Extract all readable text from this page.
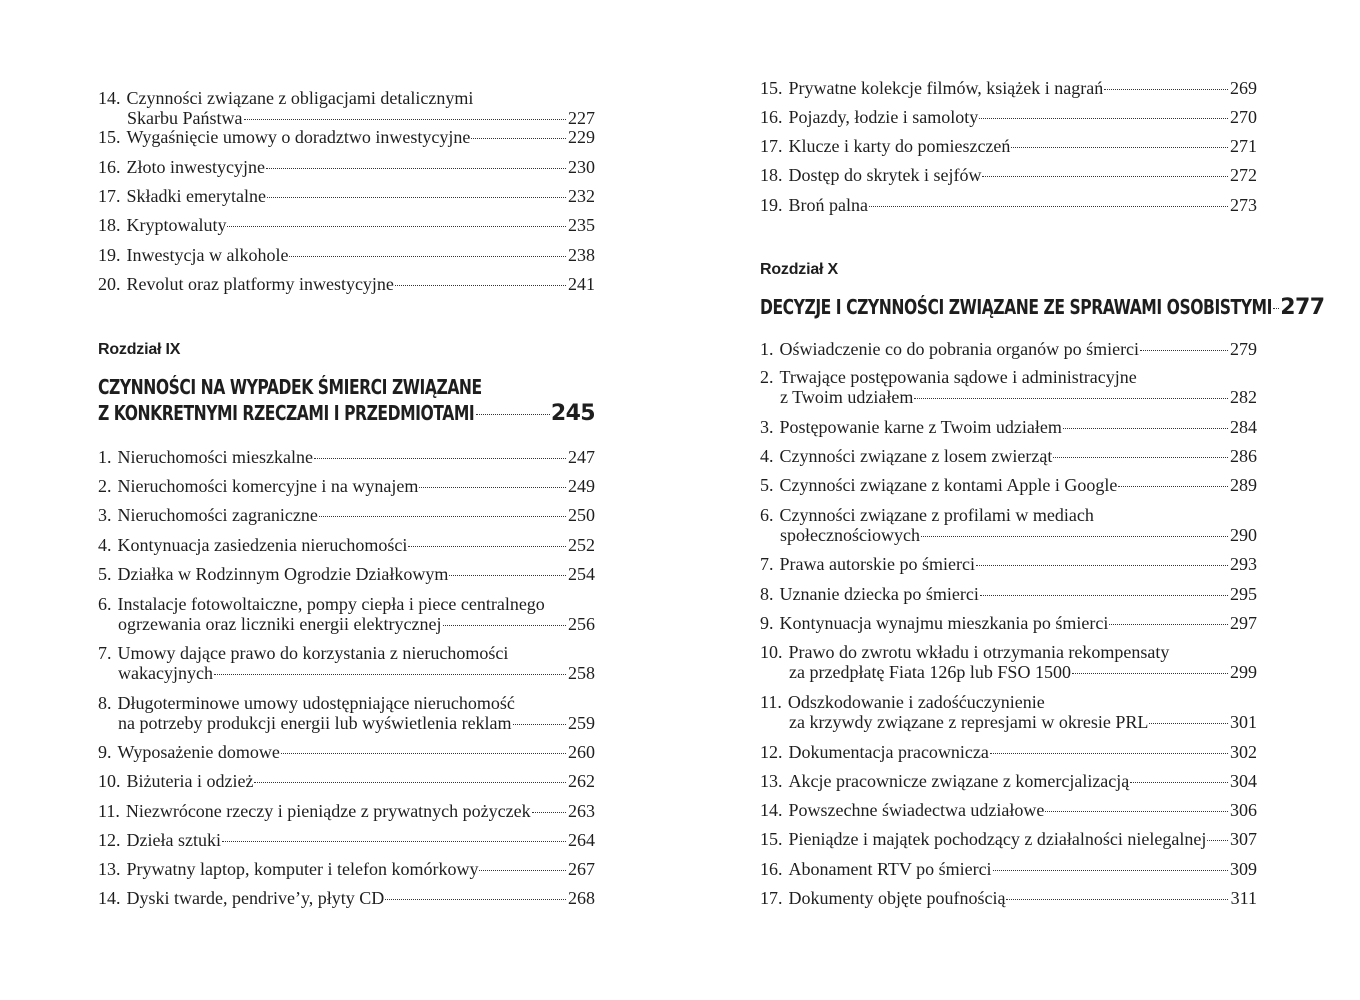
14. Czynności związane z obligacjami detalicznymi
Skarbu Państwa	227
15. Wygaśnięcie umowy o doradztwo inwestycyjne	229
16. Złoto inwestycyjne	230
17. Składki emerytalne	232
18. Kryptowaluty	235
19. Inwestycja w alkohole	238
20. Revolut oraz platformy inwestycyjne	241
Rozdział IX
CZYNNOŚCI NA WYPADEK ŚMIERCI ZWIĄZANE
Z KONKRETNYMI RZECZAMI I PRZEDMIOTAMI	245
1. Nieruchomości mieszkalne	247
2. Nieruchomości komercyjne i na wynajem	249
3. Nieruchomości zagraniczne	250
4. Kontynuacja zasiedzenia nieruchomości	252
5. Działka w Rodzinnym Ogrodzie Działkowym	254
6. Instalacje fotowoltaiczne, pompy ciepła i piece centralnego
ogrzewania oraz liczniki energii elektrycznej	256
7. Umowy dające prawo do korzystania z nieruchomości
wakacyjnych	258
8. Długoterminowe umowy udostępniające nieruchomość
na potrzeby produkcji energii lub wyświetlenia reklam	259
9. Wyposażenie domowe	260
10. Biżuteria i odzież	262
11. Niezwrócone rzeczy i pieniądze z prywatnych pożyczek 263
12. Dzieła sztuki	264
13. Prywatny laptop, komputer i telefon komórkowy	267
14. Dyski twarde, pendrive’y, płyty CD	268
15. Prywatne kolekcje filmów, książek i nagrań	269
16. Pojazdy, łodzie i samoloty	270
17. Klucze i karty do pomieszczeń	271
18. Dostęp do skrytek i sejfów	272
19. Broń palna	273
Rozdział X
DECYZJE I CZYNNOŚCI ZWIĄZANE ZE SPRAWAMI OSOBISTYMI 277
1. Oświadczenie co do pobrania organów po śmierci	279
2. Trwające postępowania sądowe i administracyjne
z Twoim udziałem	282
3. Postępowanie karne z Twoim udziałem	284
4. Czynności związane z losem zwierząt	286
5. Czynności związane z kontami Apple i Google	289
6. Czynności związane z profilami w mediach
społecznościowych	290
7. Prawa autorskie po śmierci	293
8. Uznanie dziecka po śmierci	295
9. Kontynuacja wynajmu mieszkania po śmierci	297
10. Prawo do zwrotu wkładu i otrzymania rekompensaty
za przedpłatę Fiata 126p lub FSO 1500	299
11. Odszkodowanie i zadośćuczynienie
za krzywdy związane z represjami w okresie PRL	301
12. Dokumentacja pracownicza	302
13. Akcje pracownicze związane z komercjalizacją	304
14. Powszechne świadectwa udziałowe	306
15. Pieniądze i majątek pochodzący z działalności nielegalnej 307
16. Abonament RTV po śmierci	309
17. Dokumenty objęte poufnością	311
